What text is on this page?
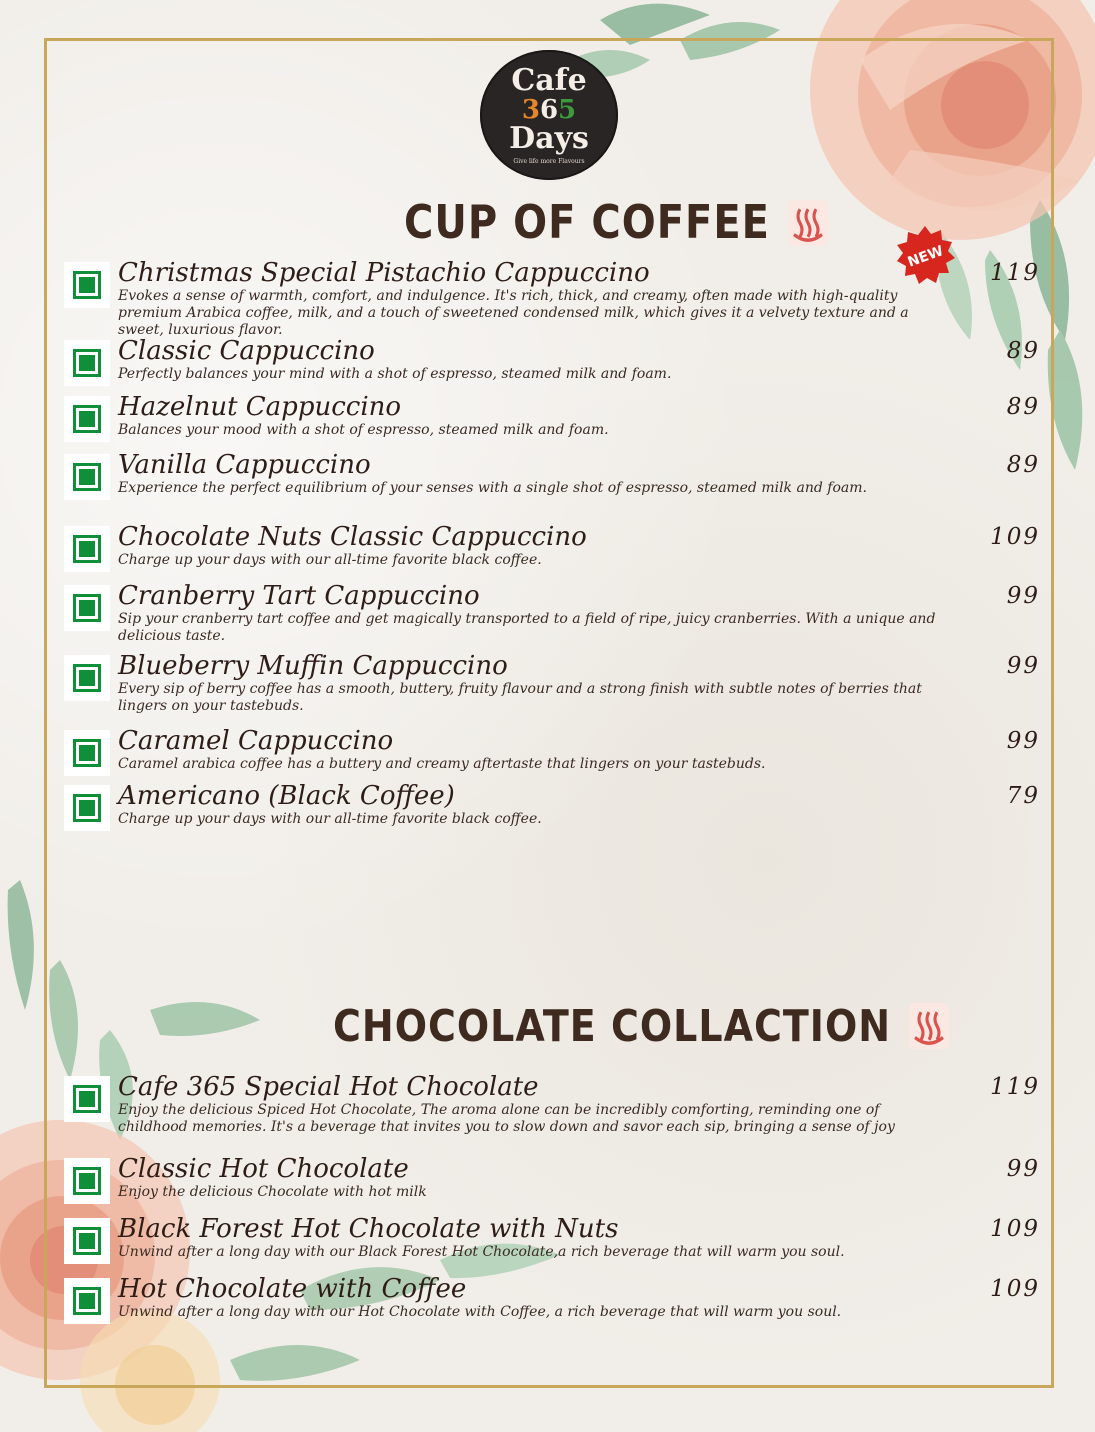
Cafe
365
Days
Give life more Flavours
CUP OF COFFEE
NEW
Christmas Special Pistachio Cappuccino
Evokes a sense of warmth, comfort, and indulgence. It's rich, thick, and creamy, often made with high-quality premium Arabica coffee, milk, and a touch of sweetened condensed milk, which gives it a velvety texture and a sweet, luxurious flavor.
119
Classic Cappuccino
Perfectly balances your mind with a shot of espresso, steamed milk and foam.
89
Hazelnut Cappuccino
Balances your mood with a shot of espresso, steamed milk and foam.
89
Vanilla Cappuccino
Experience the perfect equilibrium of your senses with a single shot of espresso, steamed milk and foam.
89
Chocolate Nuts Classic Cappuccino
Charge up your days with our all-time favorite black coffee.
109
Cranberry Tart Cappuccino
Sip your cranberry tart coffee and get magically transported to a field of ripe, juicy cranberries. With a unique and delicious taste.
99
Blueberry Muffin Cappuccino
Every sip of berry coffee has a smooth, buttery, fruity flavour and a strong finish with subtle notes of berries that lingers on your tastebuds.
99
Caramel Cappuccino
Caramel arabica coffee has a buttery and creamy aftertaste that lingers on your tastebuds.
99
Americano (Black Coffee)
Charge up your days with our all-time favorite black coffee.
79
CHOCOLATE COLLACTION
Cafe 365 Special Hot Chocolate
Enjoy the delicious Spiced Hot Chocolate, The aroma alone can be incredibly comforting, reminding one of childhood memories. It's a beverage that invites you to slow down and savor each sip, bringing a sense of joy
119
Classic Hot Chocolate
Enjoy the delicious Chocolate with hot milk
99
Black Forest Hot Chocolate with Nuts
Unwind after a long day with our Black Forest Hot Chocolate,a rich beverage that will warm you soul.
109
Hot Chocolate with Coffee
Unwind after a long day with our Hot Chocolate with Coffee, a rich beverage that will warm you soul.
109
